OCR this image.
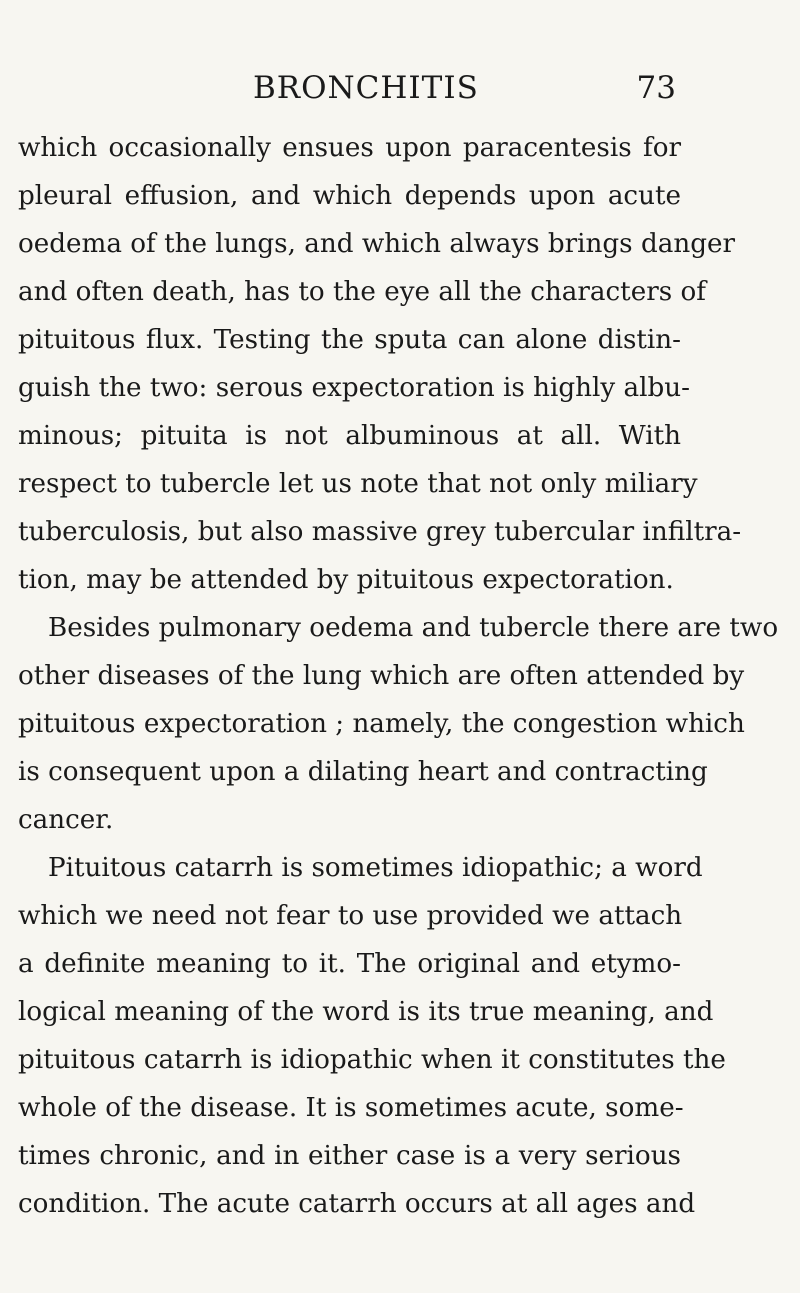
BRONCHITIS	73
which occasionally ensues upon paracentesis for
pleural effusion, and which depends upon acute
oedema of the lungs, and which always brings danger
and often death, has to the eye all the characters of
pituitous flux. Testing the sputa can alone distin-
guish the two: serous expectoration is highly albu-
minous; pituita is not albuminous at all. With
respect to tubercle let us note that not only miliary
tuberculosis, but also massive grey tubercular infiltra-
tion, may be attended by pituitous expectoration.
Besides pulmonary oedema and tubercle there are two
other diseases of the lung which are often attended by
pituitous expectoration ; namely, the congestion which
is consequent upon a dilating heart and contracting
cancer.
Pituitous catarrh is sometimes idiopathic; a word
which we need not fear to use provided we attach
a definite meaning to it. The original and etymo-
logical meaning of the word is its true meaning, and
pituitous catarrh is idiopathic when it constitutes the
whole of the disease. It is sometimes acute, some-
times chronic, and in either case is a very serious
condition. The acute catarrh occurs at all ages and
